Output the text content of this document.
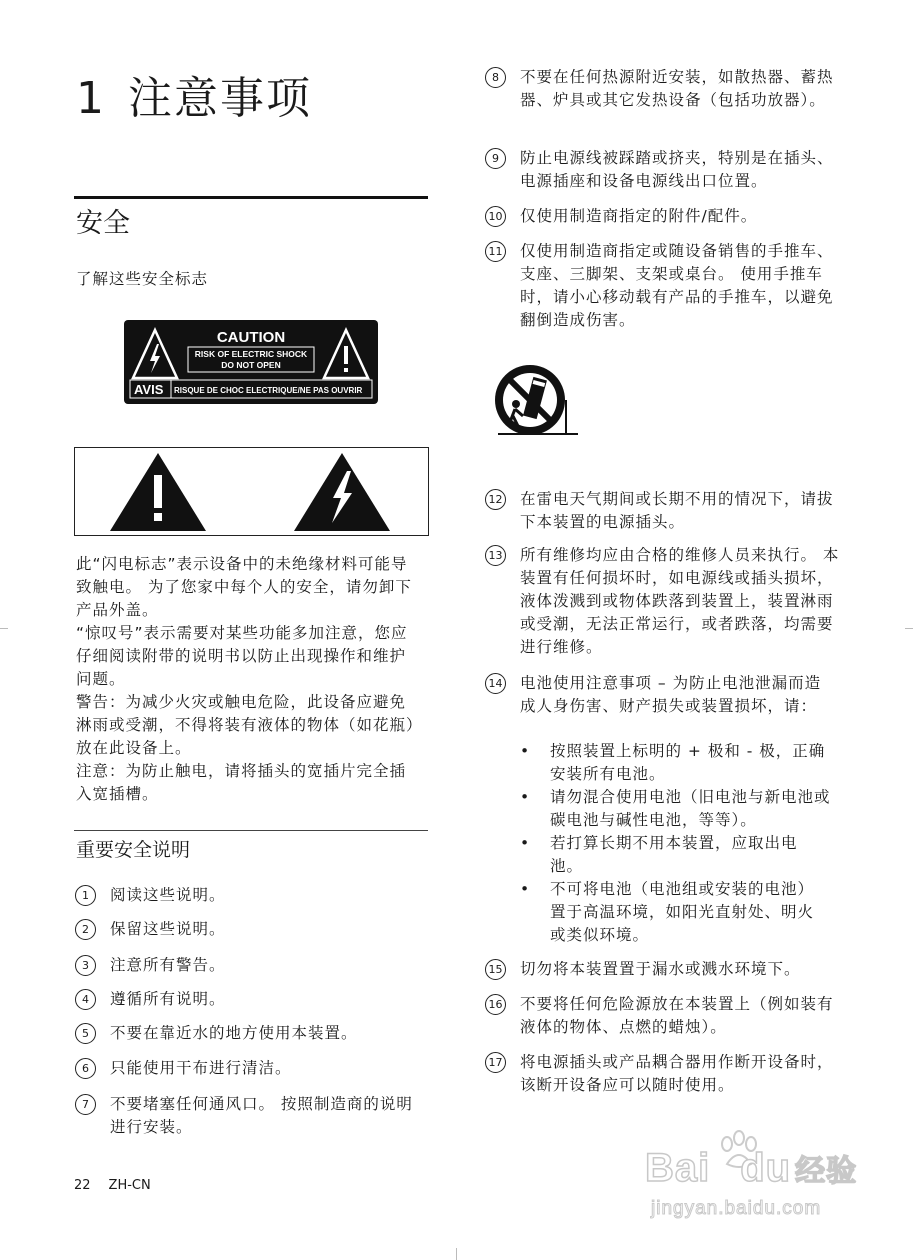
1 注意事项
安全
了解这些安全标志
CAUTION
RISK OF ELECTRIC SHOCK
DO NOT OPEN
AVIS RISQUE DE CHOC ELECTRIQUE/NE PAS OUVRIR
此“闪电标志”表示设备中的未绝缘材料可能导致触电。 为了您家中每个人的安全，请勿卸下产品外盖。
“惊叹号”表示需要对某些功能多加注意，您应仔细阅读附带的说明书以防止出现操作和维护问题。
警告：为减少火灾或触电危险，此设备应避免淋雨或受潮，不得将装有液体的物体（如花瓶）放在此设备上。
注意：为防止触电，请将插头的宽插片完全插入宽插槽。
重要安全说明
1	阅读这些说明。
2	保留这些说明。
3	注意所有警告。
4	遵循所有说明。
5	不要在靠近水的地方使用本装置。
6	只能使用干布进行清洁。
7	不要堵塞任何通风口。 按照制造商的说明进行安装。
8	不要在任何热源附近安装，如散热器、蓄热器、炉具或其它发热设备（包括功放器）。
9	防止电源线被踩踏或挤夹，特别是在插头、电源插座和设备电源线出口位置。
10 仅使用制造商指定的附件/配件。
11 仅使用制造商指定或随设备销售的手推车、支座、三脚架、支架或桌台。 使用手推车时，请小心移动载有产品的手推车，以避免翻倒造成伤害。
12 在雷电天气期间或长期不用的情况下，请拔下本装置的电源插头。
13 所有维修均应由合格的维修人员来执行。 本装置有任何损坏时，如电源线或插头损坏，液体泼溅到或物体跌落到装置上，装置淋雨或受潮，无法正常运行，或者跌落，均需要进行维修。
14 电池使用注意事项 – 为防止电池泄漏而造成人身伤害、财产损失或装置损坏，请：
• 按照装置上标明的 + 极和 - 极，正确安装所有电池。
• 请勿混合使用电池（旧电池与新电池或碳电池与碱性电池，等等）。
• 若打算长期不用本装置，应取出电池。
• 不可将电池（电池组或安装的电池）置于高温环境，如阳光直射处、明火或类似环境。
15 切勿将本装置置于漏水或溅水环境下。
16 不要将任何危险源放在本装置上（例如装有液体的物体、点燃的蜡烛）。
17 将电源插头或产品耦合器用作断开设备时，该断开设备应可以随时使用。
22 ZH-CN	Bai du 经验
jingyan.baidu.com
